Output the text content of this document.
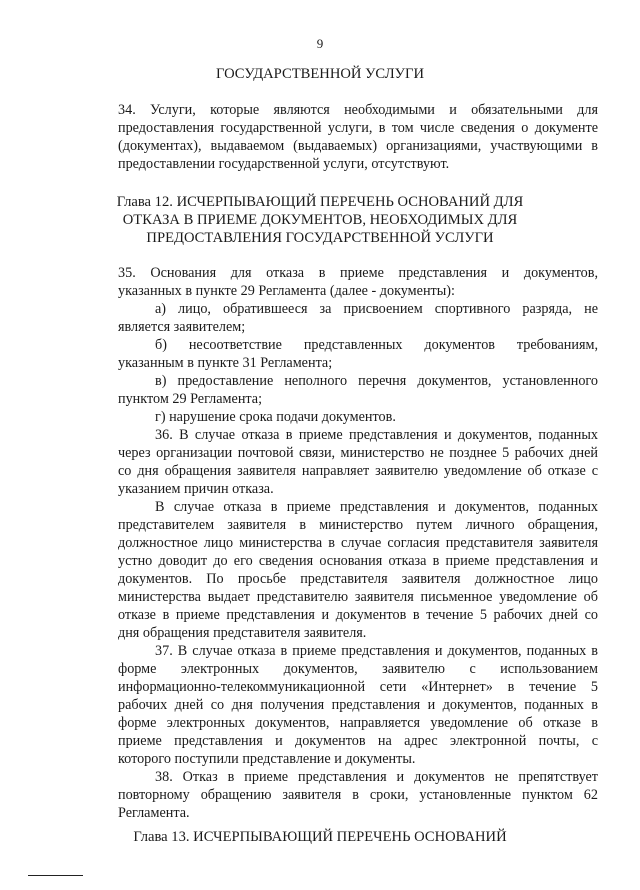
9
ГОСУДАРСТВЕННОЙ УСЛУГИ
34. Услуги, которые являются необходимыми и обязательными для
предоставления государственной услуги, в том числе сведения о документе
(документах), выдаваемом (выдаваемых) организациями, участвующими в
предоставлении государственной услуги, отсутствуют.
Глава 12. ИСЧЕРПЫВАЮЩИЙ ПЕРЕЧЕНЬ ОСНОВАНИЙ ДЛЯ
ОТКАЗА В ПРИЕМЕ ДОКУМЕНТОВ, НЕОБХОДИМЫХ ДЛЯ
ПРЕДОСТАВЛЕНИЯ ГОСУДАРСТВЕННОЙ УСЛУГИ
35. Основания для отказа в приеме представления и документов,
указанных в пункте 29 Регламента (далее - документы):
а) лицо, обратившееся за присвоением спортивного разряда, не
является заявителем;
б) несоответствие представленных документов требованиям,
указанным в пункте 31 Регламента;
в) предоставление неполного перечня документов, установленного
пунктом 29 Регламента;
г) нарушение срока подачи документов.
36. В случае отказа в приеме представления и документов, поданных
через организации почтовой связи, министерство не позднее 5 рабочих дней
со дня обращения заявителя направляет заявителю уведомление об отказе с
указанием причин отказа.
В случае отказа в приеме представления и документов, поданных
представителем заявителя в министерство путем личного обращения,
должностное лицо министерства в случае согласия представителя заявителя
устно доводит до его сведения основания отказа в приеме представления и
документов. По просьбе представителя заявителя должностное лицо
министерства выдает представителю заявителя письменное уведомление об
отказе в приеме представления и документов в течение 5 рабочих дней со
дня обращения представителя заявителя.
37. В случае отказа в приеме представления и документов, поданных в
форме электронных документов, заявителю с использованием
информационно-телекоммуникационной сети «Интернет» в течение 5
рабочих дней со дня получения представления и документов, поданных в
форме электронных документов, направляется уведомление об отказе в
приеме представления и документов на адрес электронной почты, с
которого поступили представление и документы.
38. Отказ в приеме представления и документов не препятствует
повторному обращению заявителя в сроки, установленные пунктом 62
Регламента.
Глава 13. ИСЧЕРПЫВАЮЩИЙ ПЕРЕЧЕНЬ ОСНОВАНИЙ
